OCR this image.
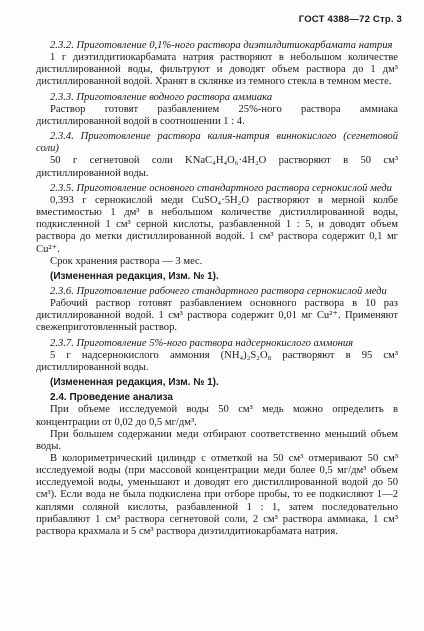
ГОСТ 4388—72 Стр. 3

2.3.2. Приготовление 0,1%-ного раствора диэтилдитиокарбамата натрия

1 г диэтилдитиокарбамата натрия растворяют в небольшом количестве дистиллированной воды, фильтруют и доводят объем раствора до 1 дм³ дистиллированной водой. Хранят в склянке из темного стекла в темном месте.

2.3.3. Приготовление водного раствора аммиака

Раствор готовят разбавлением 25%-ного раствора аммиака дистиллированной водой в соотношении 1 : 4.

2.3.4. Приготовление раствора калия-натрия виннокислого (сегнетовой соли)

50 г сегнетовой соли KNaC₄H₄O₆·4H₂O растворяют в 50 см³ дистиллированной воды.

2.3.5. Приготовление основного стандартного раствора сернокислой меди

0,393 г сернокислой меди CuSO₄·5H₂O растворяют в мерной колбе вместимостью 1 дм³ в небольшом количестве дистиллированной воды, подкисленной 1 см³ серной кислоты, разбавленной 1 : 5, и доводят объем раствора до метки дистиллированной водой. 1 см³ раствора содержит 0,1 мг Cu²⁺.

Срок хранения раствора — 3 мес.

(Измененная редакция, Изм. № 1).

2.3.6. Приготовление рабочего стандартного раствора сернокислой меди

Рабочий раствор готовят разбавлением основного раствора в 10 раз дистиллированной водой. 1 см³ раствора содержит 0,01 мг Cu²⁺. Применяют свежеприготовленный раствор.

2.3.7. Приготовление 5%-ного раствора надсернокислого аммония

5 г надсернокислого аммония (NH₄)₂S₂O₈ растворяют в 95 см³ дистиллированной воды.

(Измененная редакция, Изм. № 1).

2.4. Проведение анализа

При объеме исследуемой воды 50 см³ медь можно определить в концентрации от 0,02 до 0,5 мг/дм³.

При большем содержании меди отбирают соответственно меньший объем воды.

В колориметрический цилиндр с отметкой на 50 см³ отмеривают 50 см³ исследуемой воды (при массовой концентрации меди более 0,5 мг/дм³ объем исследуемой воды, уменьшают и доводят его дистиллированной водой до 50 см³). Если вода не была подкислена при отборе пробы, то ее подкисляют 1—2 каплями соляной кислоты, разбавленной 1 : 1, затем последовательно прибавляют 1 см³ раствора сегнетовой соли, 2 см³ раствора аммиака, 1 см³ раствора крахмала и 5 см³ раствора диэтилдитиокарбамата натрия.
